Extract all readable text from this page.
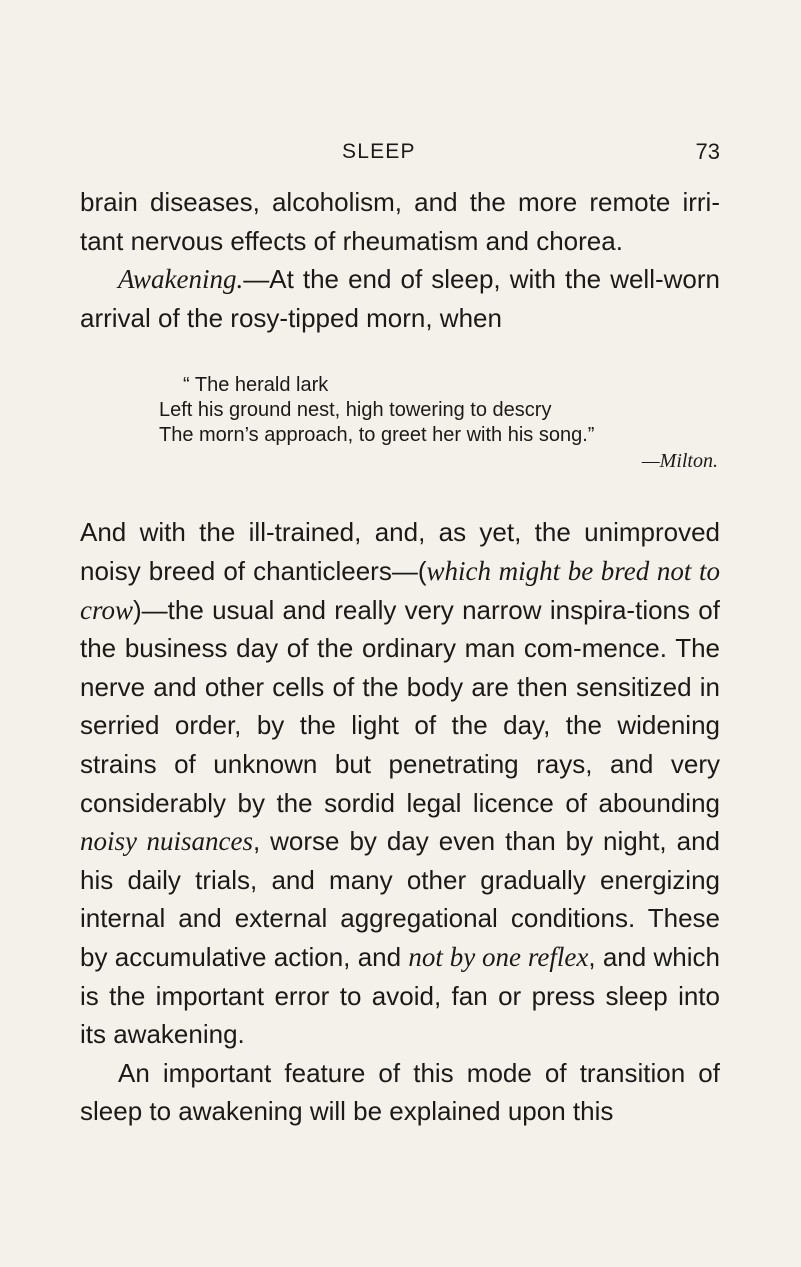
SLEEP	73

brain diseases, alcoholism, and the more remote irri-tant nervous effects of rheumatism and chorea.

Awakening.—At the end of sleep, with the well-worn arrival of the rosy-tipped morn, when

“ The herald lark
Left his ground nest, high towering to descry
The morn’s approach, to greet her with his song.”
—Milton.

And with the ill-trained, and, as yet, the unimproved noisy breed of chanticleers—(which might be bred not to crow)—the usual and really very narrow inspira-tions of the business day of the ordinary man com-mence. The nerve and other cells of the body are then sensitized in serried order, by the light of the day, the widening strains of unknown but penetrating rays, and very considerably by the sordid legal licence of abounding noisy nuisances, worse by day even than by night, and his daily trials, and many other gradually energizing internal and external aggregational conditions. These by accumulative action, and not by one reflex, and which is the important error to avoid, fan or press sleep into its awakening.

An important feature of this mode of transition of sleep to awakening will be explained upon this
